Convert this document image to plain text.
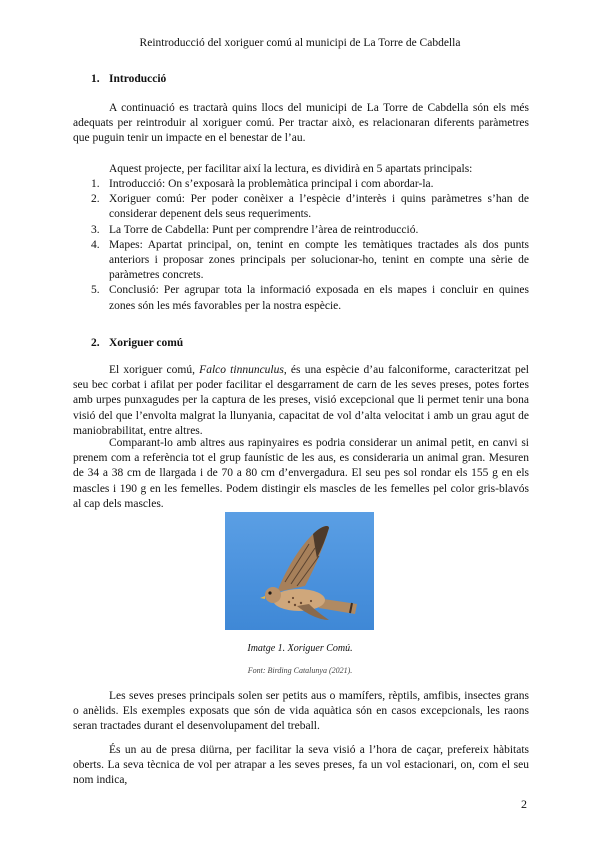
Reintroducció del xoriguer comú al municipi de La Torre de Cabdella
1. Introducció
A continuació es tractarà quins llocs del municipi de La Torre de Cabdella són els més adequats per reintroduir al xoriguer comú. Per tractar això, es relacionaran diferents paràmetres que puguin tenir un impacte en el benestar de l’au.
Aquest projecte, per facilitar així la lectura, es dividirà en 5 apartats principals:
1. Introducció: On s’exposarà la problemàtica principal i com abordar-la.
2. Xoriguer comú: Per poder conèixer a l’espècie d’interès i quins paràmetres s’han de considerar depenent dels seus requeriments.
3. La Torre de Cabdella: Punt per comprendre l’àrea de reintroducció.
4. Mapes: Apartat principal, on, tenint en compte les temàtiques tractades als dos punts anteriors i proposar zones principals per solucionar-ho, tenint en compte una sèrie de paràmetres concrets.
5. Conclusió: Per agrupar tota la informació exposada en els mapes i concluir en quines zones són les més favorables per la nostra espècie.
2. Xoriguer comú
El xoriguer comú, Falco tinnunculus, és una espècie d’au falconiforme, caracteritzat pel seu bec corbat i afilat per poder facilitar el desgarrament de carn de les seves preses, potes fortes amb urpes punxagudes per la captura de les preses, visió excepcional que li permet tenir una bona visió del que l’envolta malgrat la llunyania, capacitat de vol d’alta velocitat i amb un grau agut de maniobrabilitat, entre altres.
Comparant-lo amb altres aus rapinyaires es podria considerar un animal petit, en canvi si prenem com a referència tot el grup faunístic de les aus, es consideraria un animal gran. Mesuren de 34 a 38 cm de llargada i de 70 a 80 cm d’envergadura. El seu pes sol rondar els 155 g en els mascles i 190 g en les femelles. Podem distingir els mascles de les femelles pel color gris-blavós al cap dels mascles.
Imatge 1. Xoriguer Comú.
Font: Birding Catalunya (2021).
Les seves preses principals solen ser petits aus o mamífers, rèptils, amfibis, insectes grans o anèlids. Els exemples exposats que són de vida aquàtica són en casos excepcionals, les raons seran tractades durant el desenvolupament del treball.
És un au de presa diürna, per facilitar la seva visió a l’hora de caçar, prefereix hàbitats oberts. La seva tècnica de vol per atrapar a les seves preses, fa un vol estacionari, on, com el seu nom indica,
2
